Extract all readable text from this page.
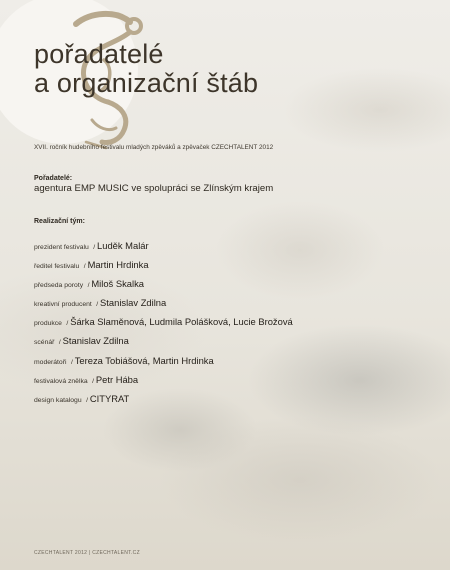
pořadatelé
a organizační štáb
XVII. ročník hudebního festivalu mladých zpěváků a zpěvaček CZECHTALENT 2012
Pořadatelé:
agentura EMP MUSIC ve spolupráci se Zlínským krajem
Realizační tým:
prezident festivalu / Luděk Malár
ředitel festivalu / Martin Hrdinka
předseda poroty / Miloš Skalka
kreativní producent / Stanislav Zdilna
produkce / Šárka Slaměnová, Ludmila Polášková, Lucie Brožová
scénář / Stanislav Zdilna
moderátoři / Tereza Tobiášová, Martin Hrdinka
festivalová znělka / Petr Hába
design katalogu / CITYRAT
CZECHTALENT 2012 | CZECHTALENT.CZ
